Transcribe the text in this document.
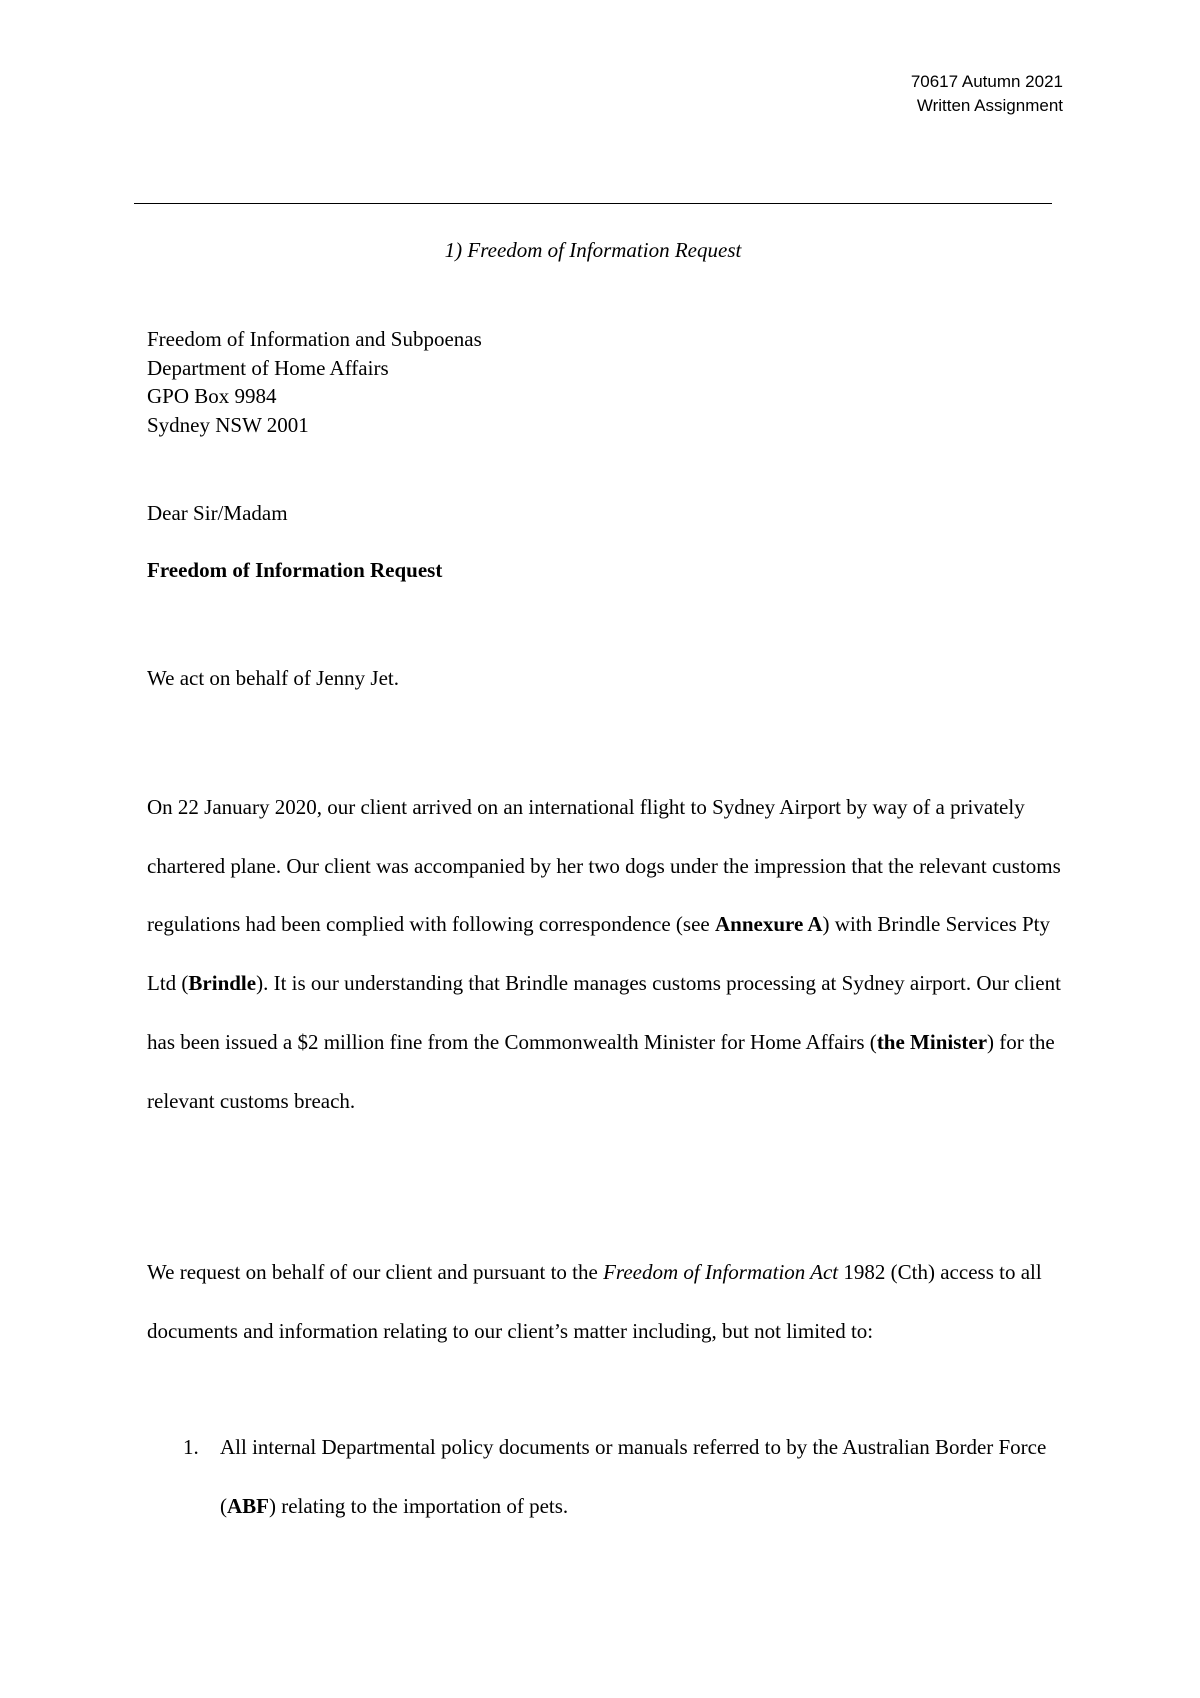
70617 Autumn 2021
Written Assignment
1) Freedom of Information Request
Freedom of Information and Subpoenas
Department of Home Affairs
GPO Box 9984
Sydney NSW 2001
Dear Sir/Madam
Freedom of Information Request

We act on behalf of Jenny Jet.

On 22 January 2020, our client arrived on an international flight to Sydney Airport by way of a privately chartered plane. Our client was accompanied by her two dogs under the impression that the relevant customs regulations had been complied with following correspondence (see Annexure A) with Brindle Services Pty Ltd (Brindle). It is our understanding that Brindle manages customs processing at Sydney airport. Our client has been issued a $2 million fine from the Commonwealth Minister for Home Affairs (the Minister) for the relevant customs breach.

We request on behalf of our client and pursuant to the Freedom of Information Act 1982 (Cth) access to all documents and information relating to our client’s matter including, but not limited to:

1. All internal Departmental policy documents or manuals referred to by the Australian Border Force (ABF) relating to the importation of pets.
